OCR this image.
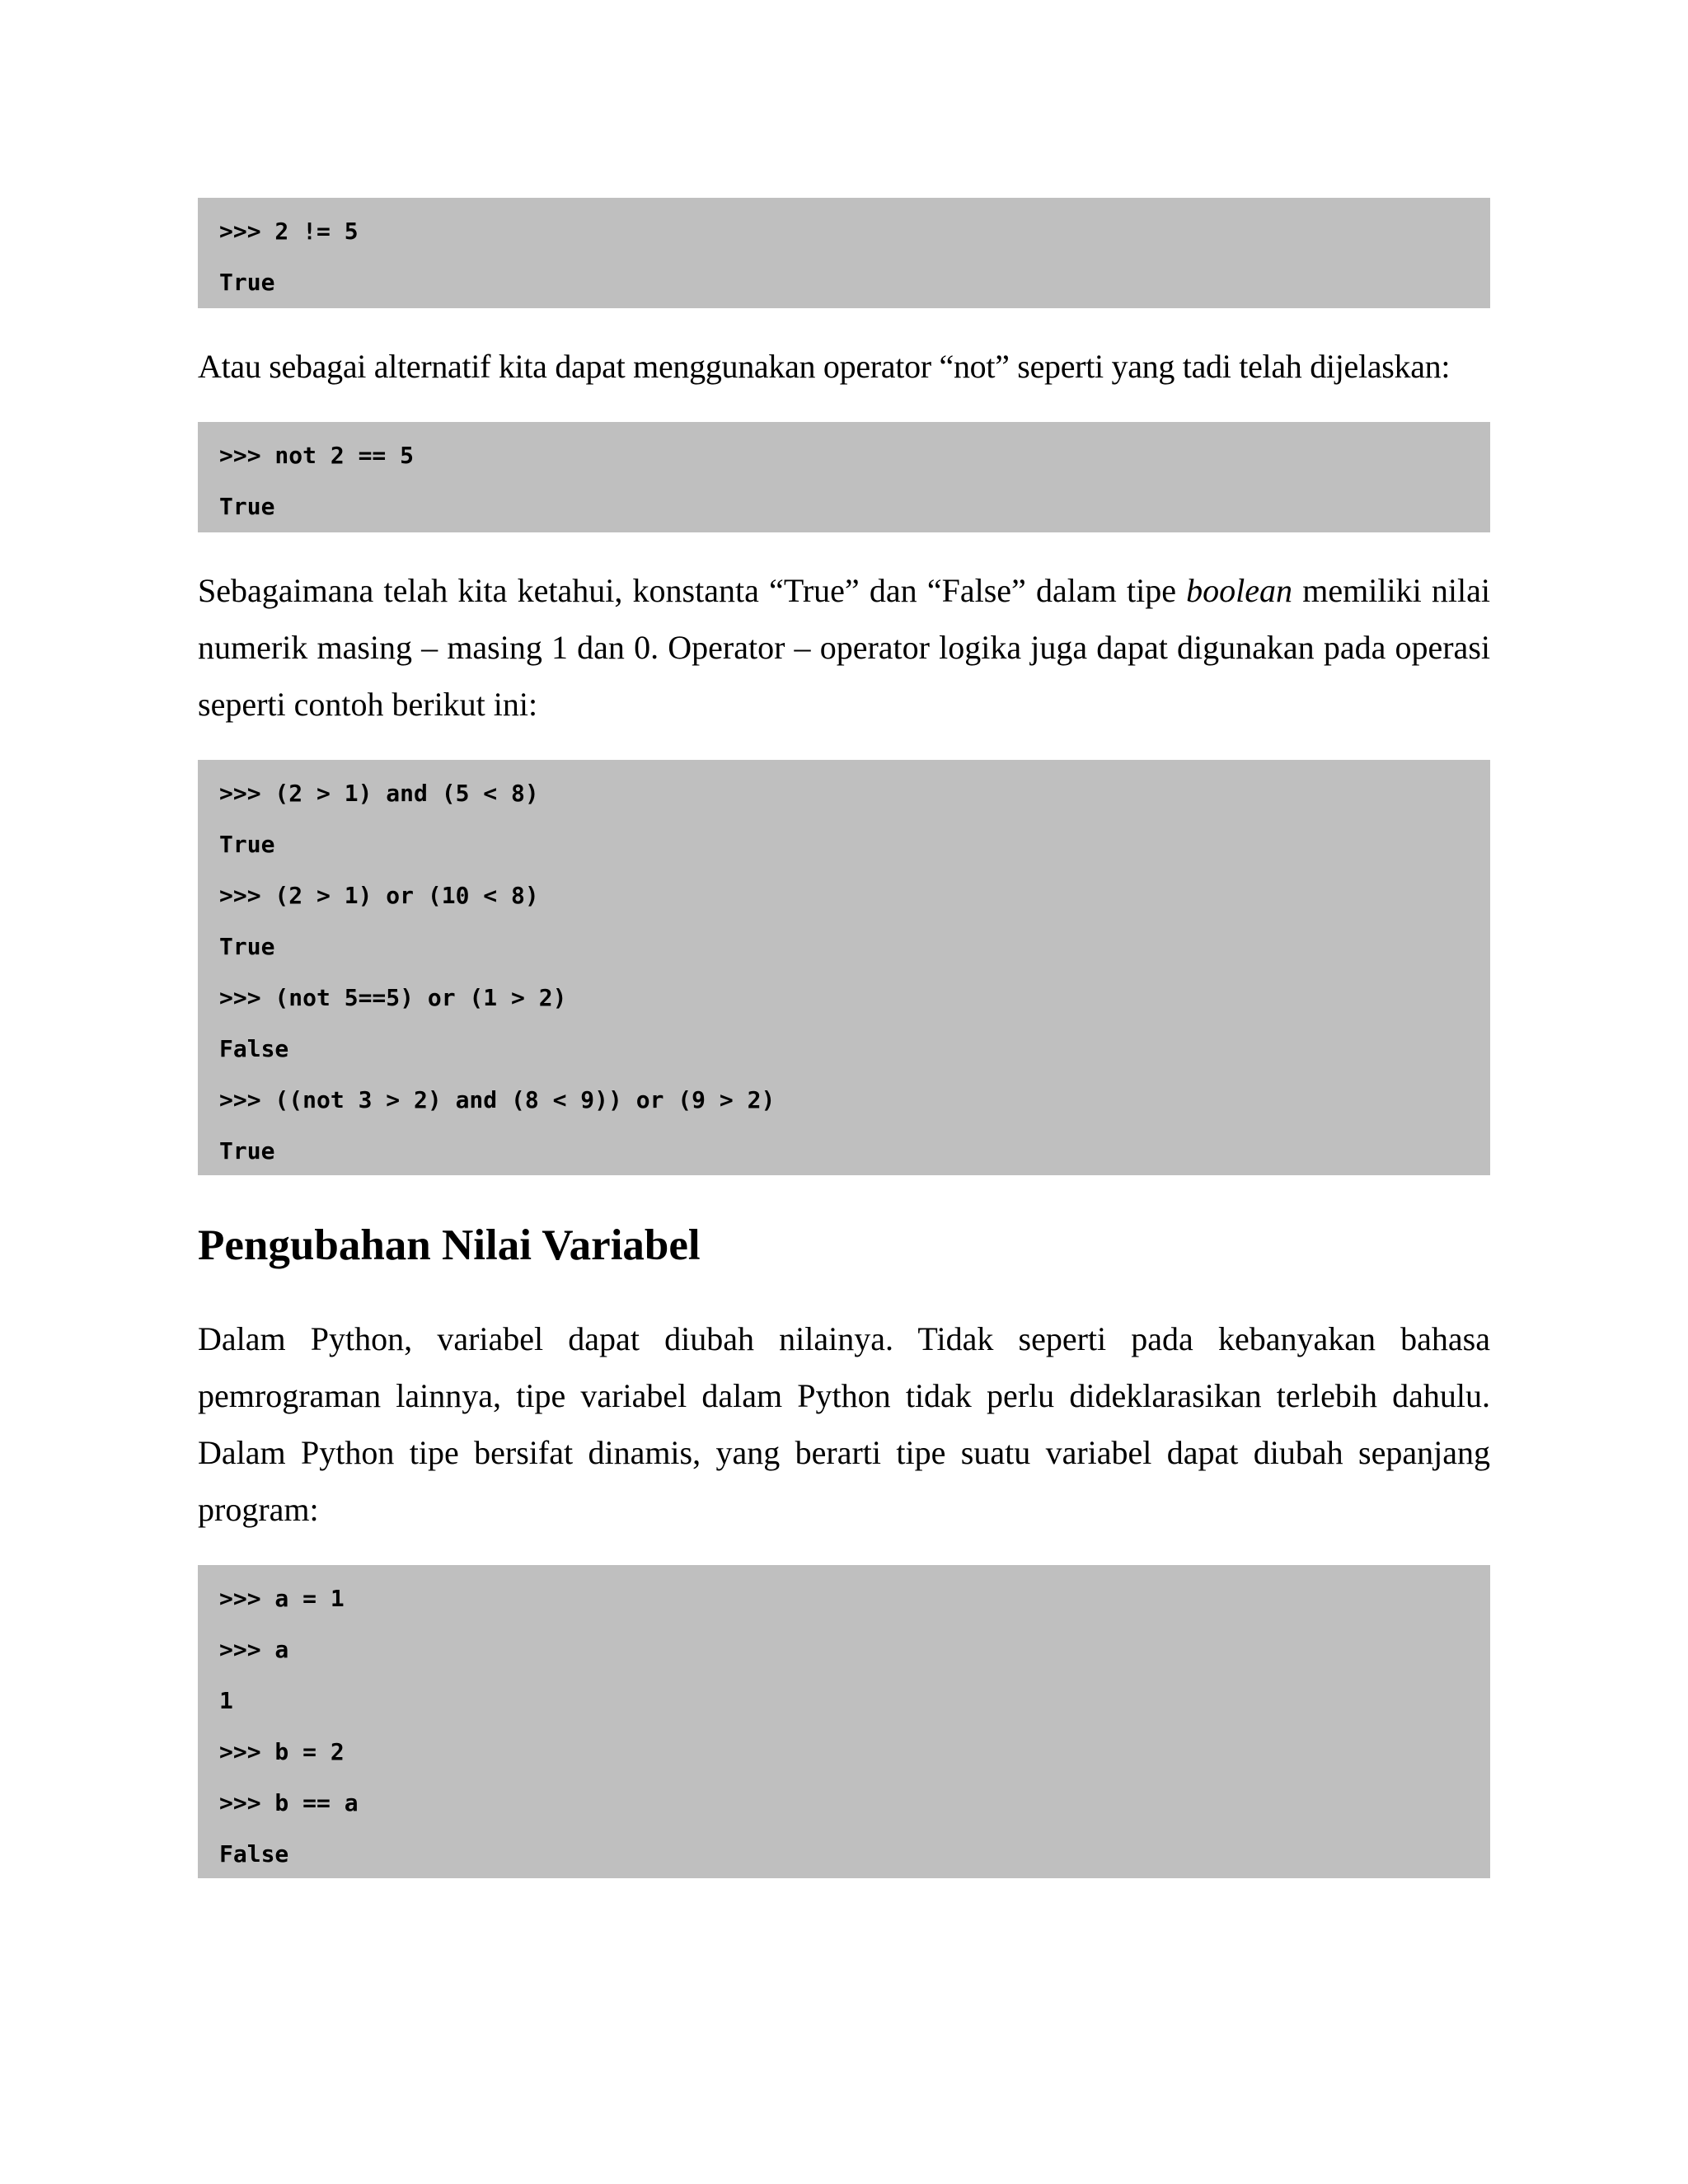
>>> 2 != 5
True

Atau sebagai alternatif kita dapat menggunakan operator “not” seperti yang tadi telah dijelaskan:

>>> not 2 == 5
True

Sebagaimana telah kita ketahui, konstanta “True” dan “False” dalam tipe boolean memiliki nilai numerik masing – masing 1 dan 0. Operator – operator logika juga dapat digunakan pada operasi seperti contoh berikut ini:

>>> (2 > 1) and (5 < 8)
True
>>> (2 > 1) or (10 < 8)
True
>>> (not 5==5) or (1 > 2)
False
>>> ((not 3 > 2) and (8 < 9)) or (9 > 2)
True
Pengubahan Nilai Variabel

Dalam Python, variabel dapat diubah nilainya. Tidak seperti pada kebanyakan bahasa pemrograman lainnya, tipe variabel dalam Python tidak perlu dideklarasikan terlebih dahulu. Dalam Python tipe bersifat dinamis, yang berarti tipe suatu variabel dapat diubah sepanjang program:

>>> a = 1
>>> a
1
>>> b = 2
>>> b == a
False
